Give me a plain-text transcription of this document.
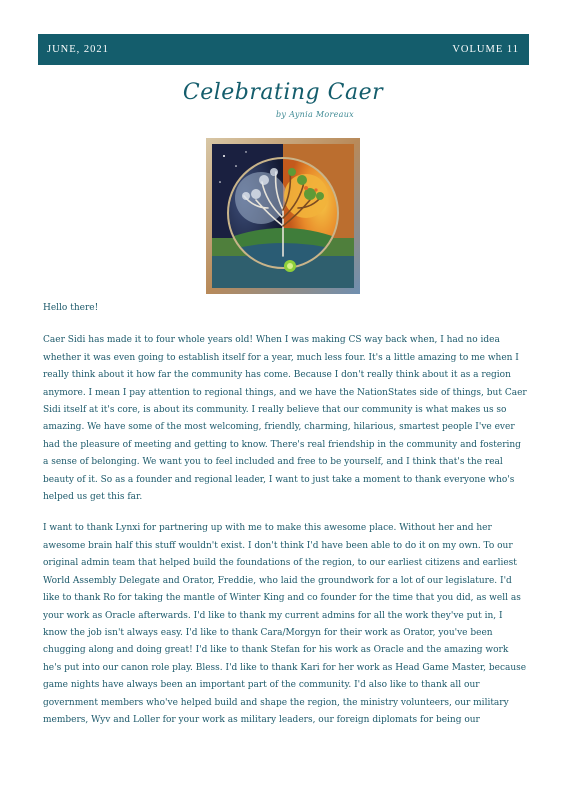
JUNE, 2021	VOLUME 11
Celebrating Caer
by Aynia Moreaux

Hello there!

Caer Sidi has made it to four whole years old! When I was making CS way back when, I had no idea whether it was even going to establish itself for a year, much less four. It's a little amazing to me when I really think about it how far the community has come. Because I don't really think about it as a region anymore. I mean I pay attention to regional things, and we have the NationStates side of things, but Caer Sidi itself at it's core, is about its community. I really believe that our community is what makes us so amazing. We have some of the most welcoming, friendly, charming, hilarious, smartest people I've ever had the pleasure of meeting and getting to know. There's real friendship in the community and fostering a sense of belonging. We want you to feel included and free to be yourself, and I think that's the real beauty of it. So as a founder and regional leader, I want to just take a moment to thank everyone who's helped us get this far.

I want to thank Lynxi for partnering up with me to make this awesome place. Without her and her awesome brain half this stuff wouldn't exist. I don't think I'd have been able to do it on my own. To our original admin team that helped build the foundations of the region, to our earliest citizens and earliest World Assembly Delegate and Orator, Freddie, who laid the groundwork for a lot of our legislature. I'd like to thank Ro for taking the mantle of Winter King and co founder for the time that you did, as well as your work as Oracle afterwards. I'd like to thank my current admins for all the work they've put in, I know the job isn't always easy. I'd like to thank Cara/Morgyn for their work as Orator, you've been chugging along and doing great! I'd like to thank Stefan for his work as Oracle and the amazing work he's put into our canon role play. Bless. I'd like to thank Kari for her work as Head Game Master, because game nights have always been an important part of the community. I'd also like to thank all our government members who've helped build and shape the region, the ministry volunteers, our military members, Wyv and Loller for your work as military leaders, our foreign diplomats for being our
